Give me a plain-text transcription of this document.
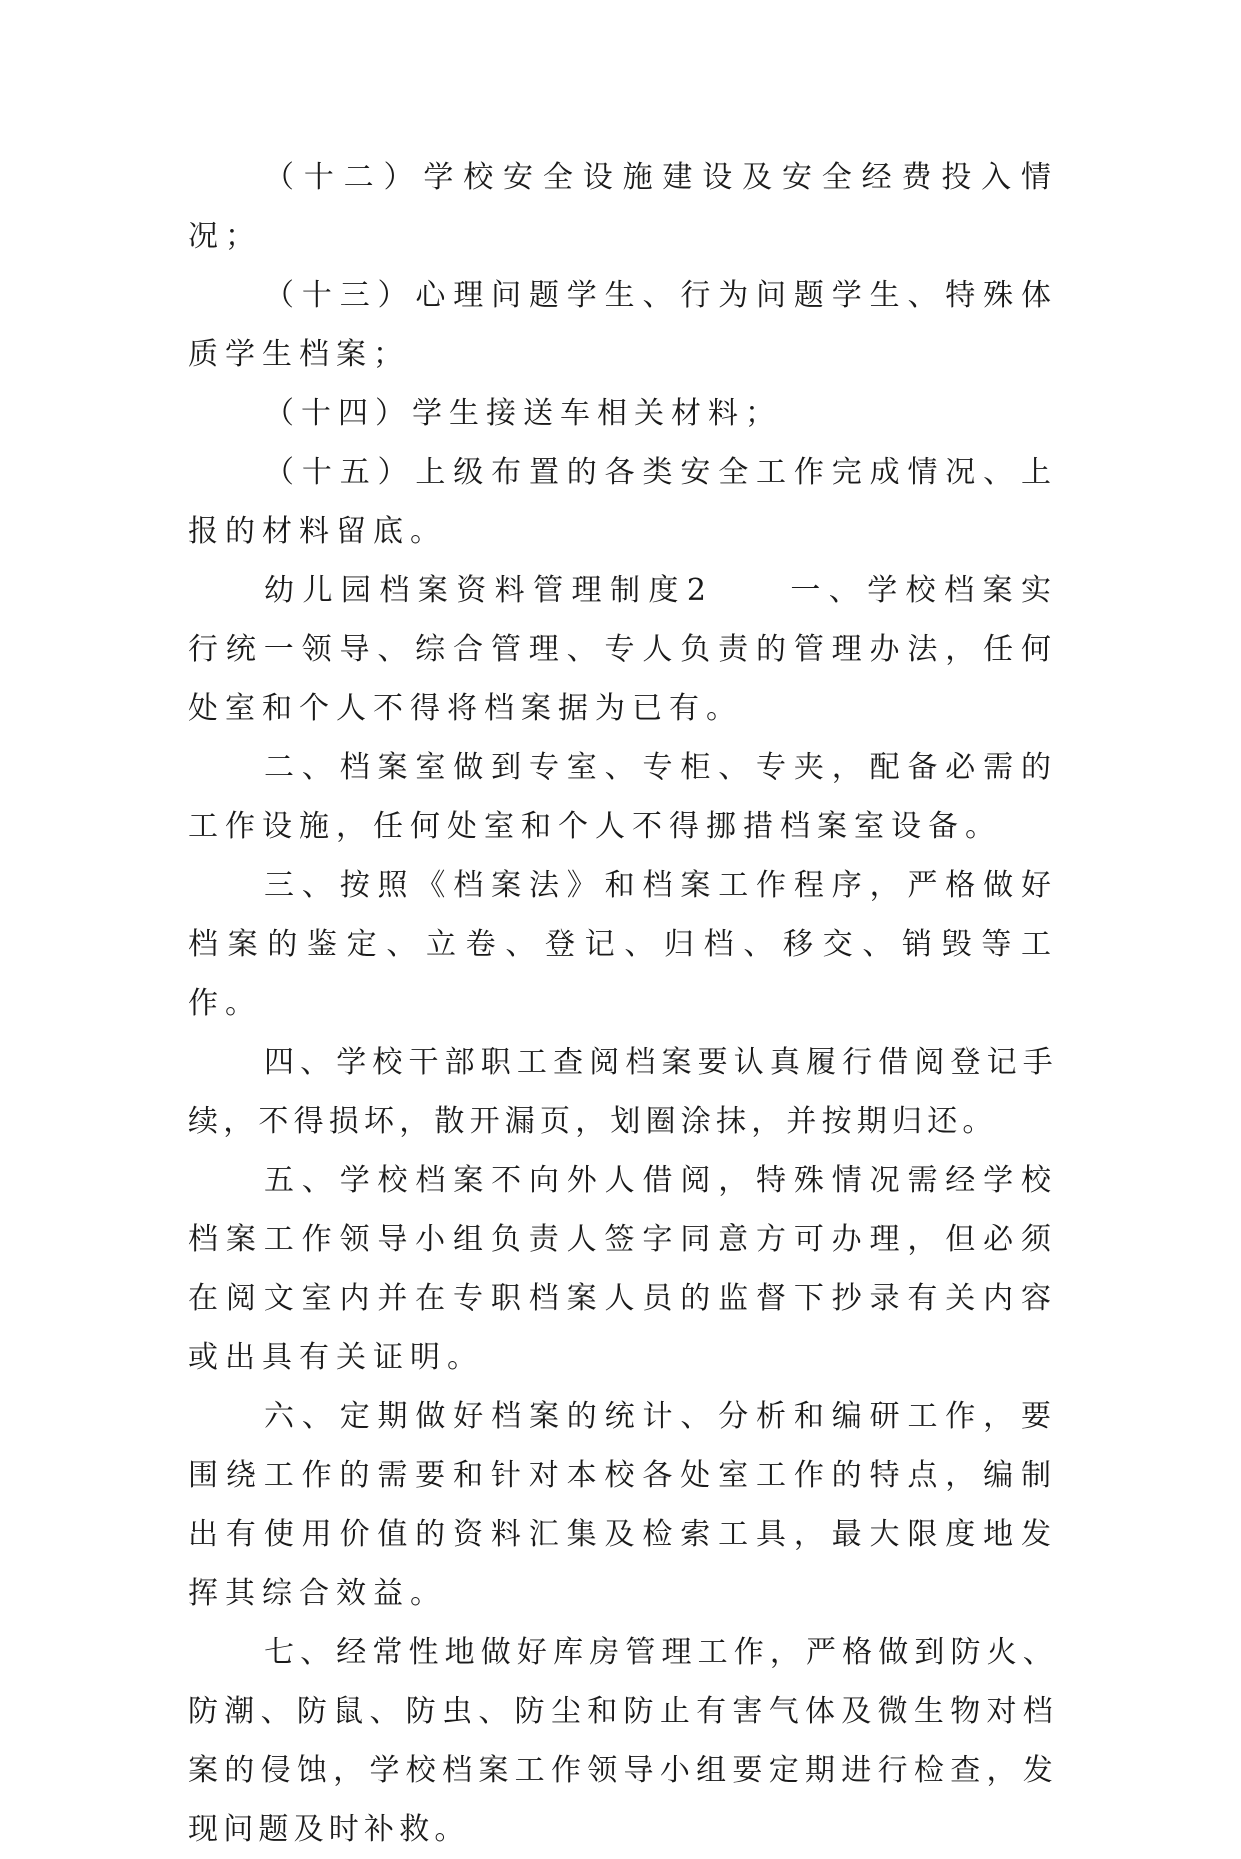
（十二）学校安全设施建设及安全经费投入情况；

（十三）心理问题学生、行为问题学生、特殊体质学生档案；

（十四）学生接送车相关材料；

（十五）上级布置的各类安全工作完成情况、上报的材料留底。

幼儿园档案资料管理制度2	一、学校档案实行统一领导、综合管理、专人负责的管理办法，任何处室和个人不得将档案据为已有。

二、档案室做到专室、专柜、专夹，配备必需的工作设施，任何处室和个人不得挪措档案室设备。

三、按照《档案法》和档案工作程序，严格做好档案的鉴定、立卷、登记、归档、移交、销毁等工作。

四、学校干部职工查阅档案要认真履行借阅登记手续，不得损坏，散开漏页，划圈涂抹，并按期归还。

五、学校档案不向外人借阅，特殊情况需经学校档案工作领导小组负责人签字同意方可办理，但必须在阅文室内并在专职档案人员的监督下抄录有关内容或出具有关证明。

六、定期做好档案的统计、分析和编研工作，要围绕工作的需要和针对本校各处室工作的特点，编制出有使用价值的资料汇集及检索工具，最大限度地发挥其综合效益。

七、经常性地做好库房管理工作，严格做到防火、防潮、防鼠、防虫、防尘和防止有害气体及微生物对档案的侵蚀，学校档案工作领导小组要定期进行检查，发现问题及时补救。
